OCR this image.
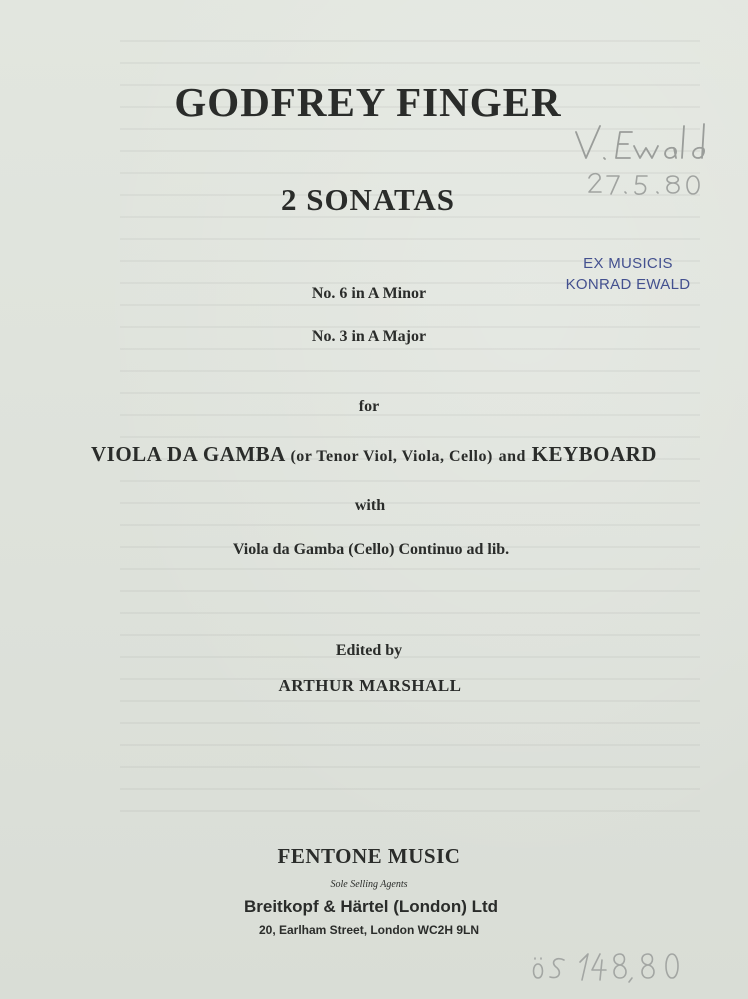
GODFREY FINGER
2 SONATAS
No. 6 in A Minor
No. 3 in A Major
for
VIOLA DA GAMBA (or Tenor Viol, Viola, Cello) and KEYBOARD
with
Viola da Gamba (Cello) Continuo ad lib.
Edited by
ARTHUR MARSHALL
FENTONE MUSIC
Sole Selling Agents
Breitkopf & Härtel (London) Ltd
20, Earlham Street, London WC2H 9LN
EX MUSICIS
KONRAD EWALD
